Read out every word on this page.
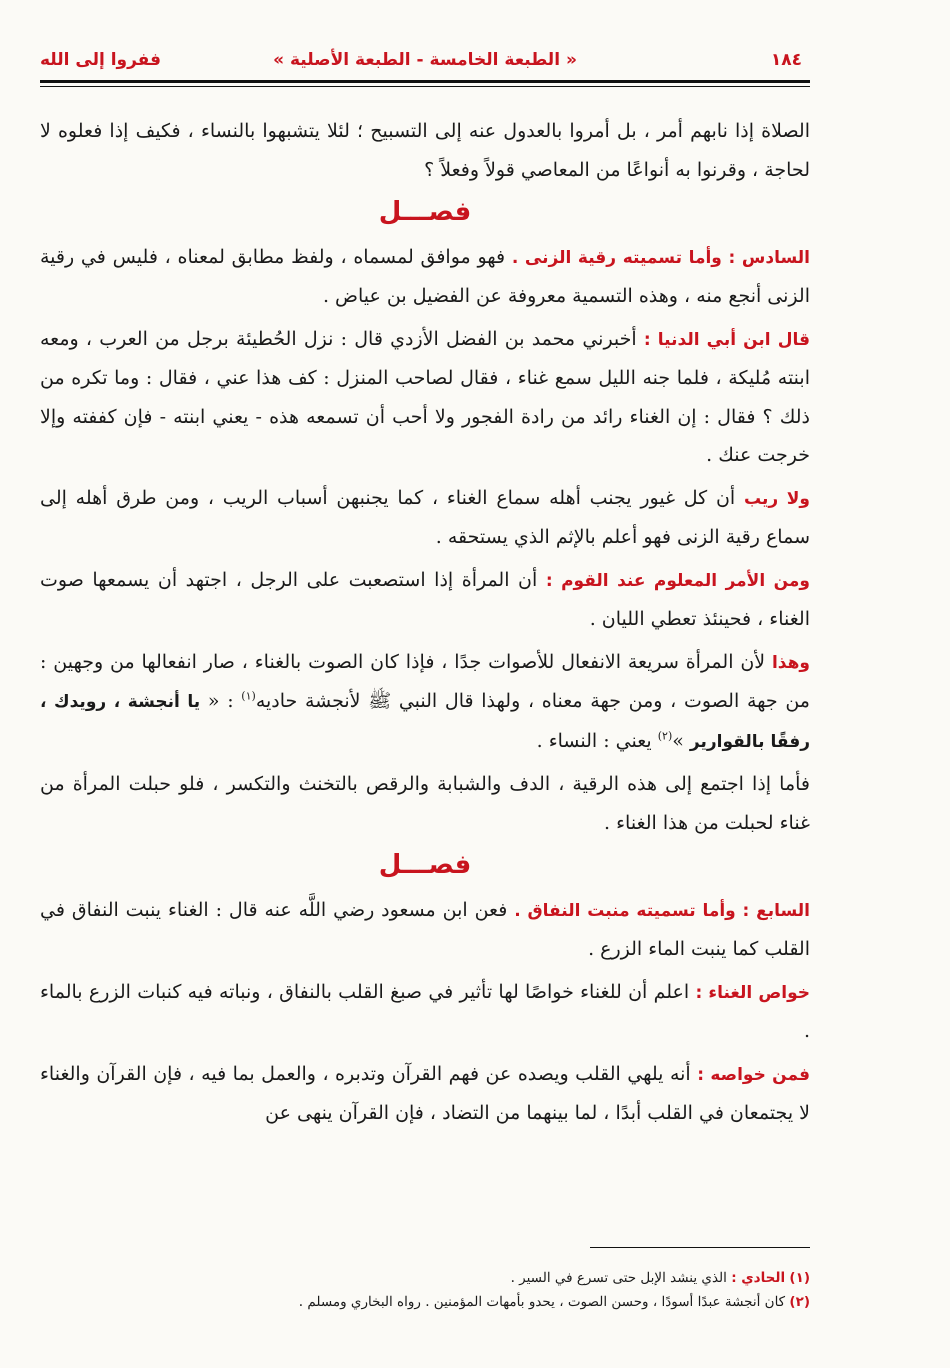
١٨٤
« الطبعة الخامسة - الطبعة الأصلية »
ففروا إلى الله

الصلاة إذا نابهم أمر ، بل أمروا بالعدول عنه إلى التسبيح ؛ لئلا يتشبهوا بالنساء ، فكيف إذا فعلوه لا لحاجة ، وقرنوا به أنواعًا من المعاصي قولاً وفعلاً ؟

فصـــل

السادس : وأما تسميته رقية الزنى . فهو موافق لمسماه ، ولفظ مطابق لمعناه ، فليس في رقية الزنى أنجع منه ، وهذه التسمية معروفة عن الفضيل بن عياض .

قال ابن أبي الدنيا : أخبرني محمد بن الفضل الأزدي قال : نزل الحُطيئة برجل من العرب ، ومعه ابنته مُليكة ، فلما جنه الليل سمع غناء ، فقال لصاحب المنزل : كف هذا عني ، فقال : وما تكره من ذلك ؟ فقال : إن الغناء رائد من رادة الفجور ولا أحب أن تسمعه هذه - يعني ابنته - فإن كففته وإلا خرجت عنك .

ولا ريب أن كل غيور يجنب أهله سماع الغناء ، كما يجنبهن أسباب الريب ، ومن طرق أهله إلى سماع رقية الزنى فهو أعلم بالإثم الذي يستحقه .

ومن الأمر المعلوم عند القوم : أن المرأة إذا استصعبت على الرجل ، اجتهد أن يسمعها صوت الغناء ، فحينئذ تعطي الليان .

وهذا لأن المرأة سريعة الانفعال للأصوات جدًا ، فإذا كان الصوت بالغناء ، صار انفعالها من وجهين : من جهة الصوت ، ومن جهة معناه ، ولهذا قال النبي ﷺ لأنجشة حاديه$^{(١)}$ : « يا أنجشة ، رويدك ، رفقًا بالقوارير »$^{(٢)}$ يعني : النساء .

فأما إذا اجتمع إلى هذه الرقية ، الدف والشبابة والرقص بالتخنث والتكسر ، فلو حبلت المرأة من غناء لحبلت من هذا الغناء .

فصـــل

السابع : وأما تسميته منبت النفاق . فعن ابن مسعود رضي اللَّه عنه قال : الغناء ينبت النفاق في القلب كما ينبت الماء الزرع .

خواص الغناء : اعلم أن للغناء خواصًا لها تأثير في صبغ القلب بالنفاق ، ونباته فيه كنبات الزرع بالماء .

فمن خواصه : أنه يلهي القلب ويصده عن فهم القرآن وتدبره ، والعمل بما فيه ، فإن القرآن والغناء لا يجتمعان في القلب أبدًا ، لما بينهما من التضاد ، فإن القرآن ينهى عن

(١) الحادي : الذي ينشد الإبل حتى تسرع في السير .
(٢) كان أنجشة عبدًا أسودًا ، وحسن الصوت ، يحدو بأمهات المؤمنين . رواه البخاري ومسلم .
